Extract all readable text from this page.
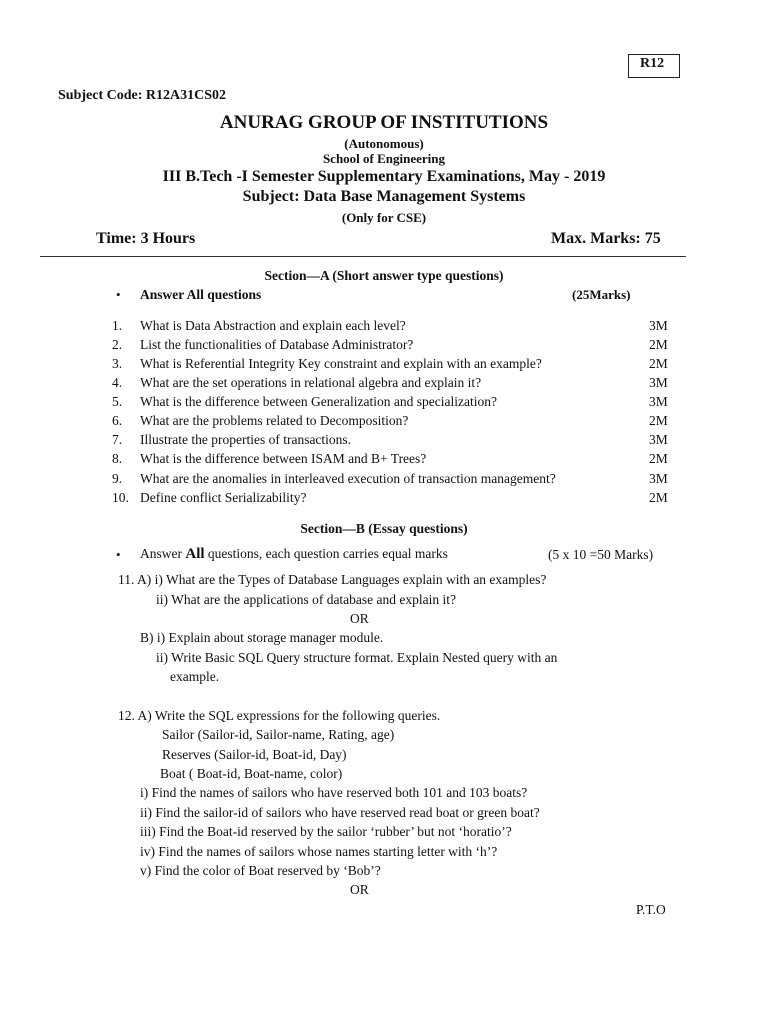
R12
Subject Code: R12A31CS02
ANURAG GROUP OF INSTITUTIONS
(Autonomous)
School of Engineering
III B.Tech -I Semester Supplementary Examinations, May - 2019
Subject: Data Base Management Systems
(Only for CSE)
Time: 3 Hours	Max. Marks: 75
Section—A (Short answer type questions)
• Answer All questions	(25Marks)
1.	What is Data Abstraction and explain each level?	3M
2.	List the functionalities of Database Administrator?	2M
3.	What is Referential Integrity Key constraint and explain with an example?	2M
4.	What are the set operations in relational algebra and explain it?	3M
5.	What is the difference between Generalization and specialization?	3M
6.	What are the problems related to Decomposition?	2M
7.	Illustrate the properties of transactions.	3M
8.	What is the difference between ISAM and B+ Trees?	2M
9.	What are the anomalies in interleaved execution of transaction management?	3M
10. Define conflict Serializability?	2M
Section—B (Essay questions)
• Answer All questions, each question carries equal marks	(5 x 10 =50 Marks)
11. A) i) What are the Types of Database Languages explain with an examples?
ii) What are the applications of database and explain it?
OR
B) i) Explain about storage manager module.
ii) Write Basic SQL Query structure format. Explain Nested query with an
example.
12. A) Write the SQL expressions for the following queries.
Sailor (Sailor-id, Sailor-name, Rating, age)
Reserves (Sailor-id, Boat-id, Day)
Boat ( Boat-id, Boat-name, color)
i) Find the names of sailors who have reserved both 101 and 103 boats?
ii) Find the sailor-id of sailors who have reserved read boat or green boat?
iii) Find the Boat-id reserved by the sailor ‘rubber’ but not ‘horatio’?
iv) Find the names of sailors whose names starting letter with ‘h’?
v) Find the color of Boat reserved by ‘Bob’?
OR
P.T.O
